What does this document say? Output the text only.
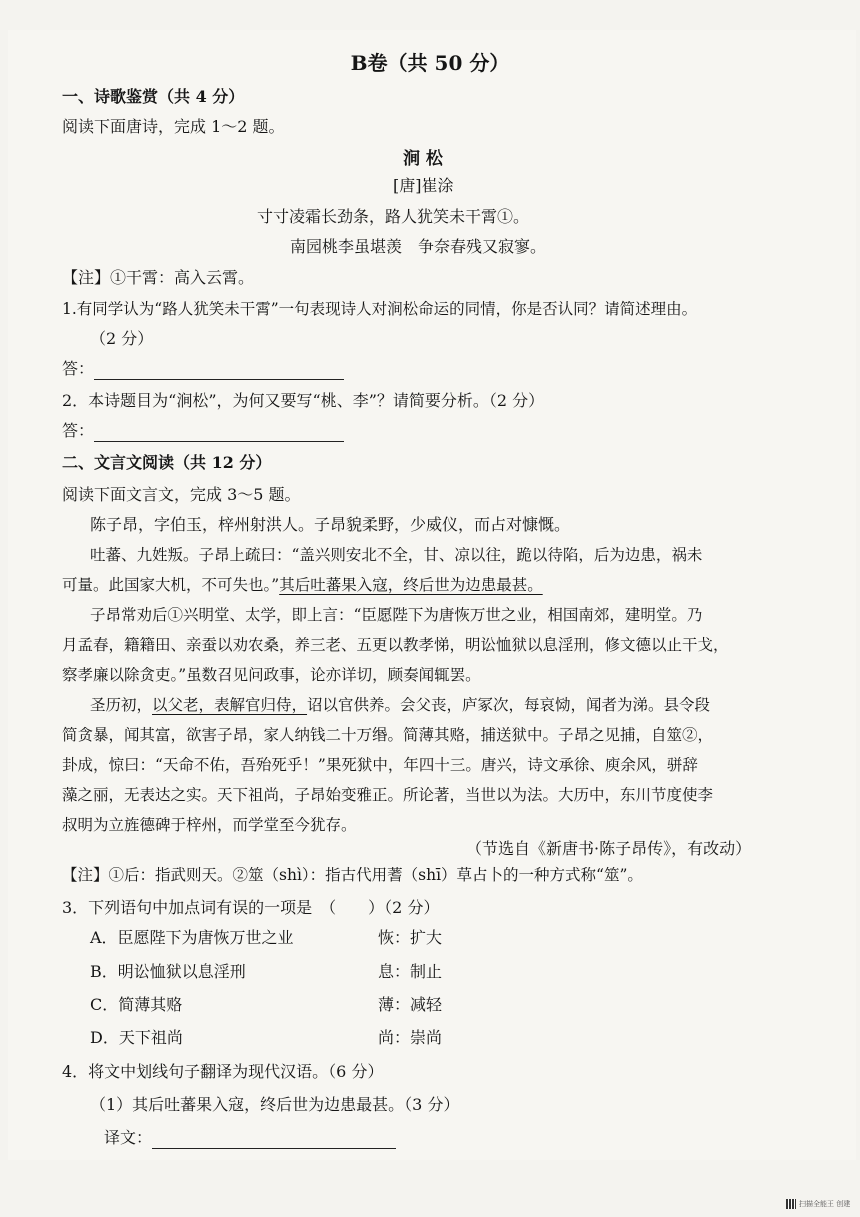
B卷（共 50 分）
一、诗歌鉴赏（共 4 分）
阅读下面唐诗，完成 1～2 题。
涧 松
[唐]崔涂
寸寸凌霜长劲条，路人犹笑未干霄①。
南园桃李虽堪羡　争奈春残又寂寥。
【注】①干霄：高入云霄。
1.有同学认为“路人犹笑未干霄”一句表现诗人对涧松命运的同情，你是否认同？请简述理由。
（2 分）
答：
2．本诗题目为“涧松”，为何又要写“桃、李”？请简要分析。（2 分）
答：
二、文言文阅读（共 12 分）
阅读下面文言文，完成 3～5 题。
陈子昂，字伯玉，梓州射洪人。子昂貌柔野，少威仪，而占对慷慨。
吐蕃、九姓叛。子昂上疏曰：“盖兴则安北不全，甘、凉以往，跪以待陷，后为边患，祸未
可量。此国家大机，不可失也。”其后吐蕃果入寇，终后世为边患最甚。
子昂常劝后①兴明堂、太学，即上言：“臣愿陛下为唐恢万世之业，相国南郊，建明堂。乃
月孟春，籍籍田、亲蚕以劝农桑，养三老、五更以教孝悌，明讼恤狱以息淫刑，修文德以止干戈，
察孝廉以除贪吏。”虽数召见问政事，论亦详切，顾奏闻辄罢。
圣历初，以父老，表解官归侍，诏以官供养。会父丧，庐冢次，每哀恸，闻者为涕。县令段
简贪暴，闻其富，欲害子昂，家人纳钱二十万缗。简薄其赂，捕送狱中。子昂之见捕，自筮②，
卦成，惊曰：“天命不佑，吾殆死乎！”果死狱中，年四十三。唐兴，诗文承徐、庾余风，骈辞
藻之丽，无表达之实。天下祖尚，子昂始变雅正。所论著，当世以为法。大历中，东川节度使李
叔明为立旌德碑于梓州，而学堂至今犹存。
（节选自《新唐书·陈子昂传》，有改动）
【注】①后：指武则天。②筮（shì）：指古代用蓍（shī）草占卜的一种方式称“筮”。
3．下列语句中加点词有误的一项是　（　　）（2 分）
A．臣愿陛下为唐恢万世之业	恢：扩大
B．明讼恤狱以息淫刑	息：制止
C．简薄其赂	薄：减轻
D．天下祖尚	尚：崇尚
4．将文中划线句子翻译为现代汉语。（6 分）
（1）其后吐蕃果入寇，终后世为边患最甚。（3 分）
译文：
扫描全能王 创建
